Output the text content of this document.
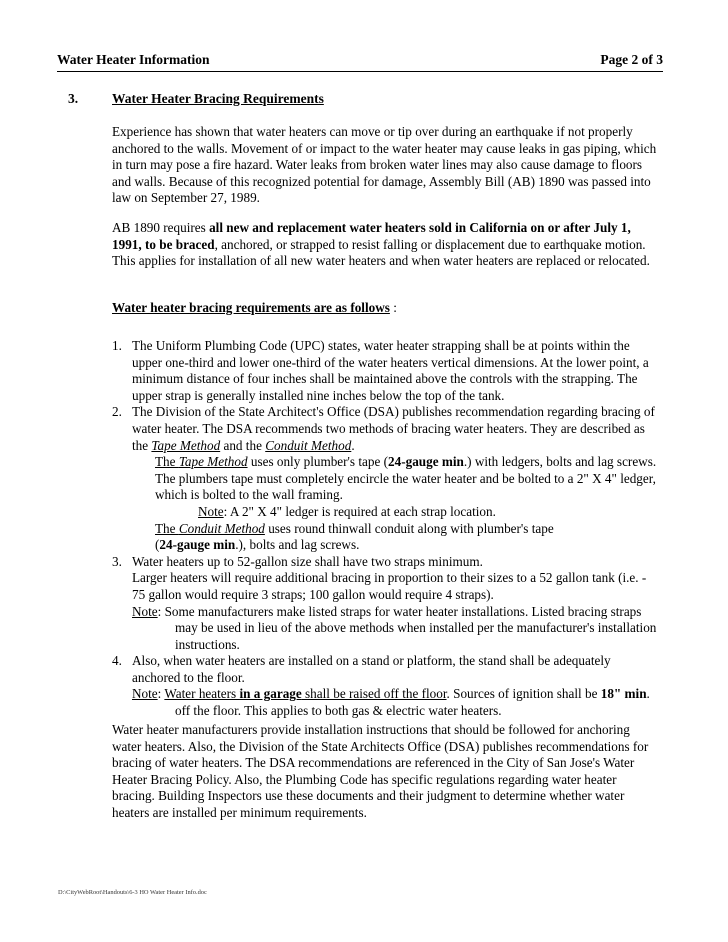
Water Heater Information	Page 2 of 3
3.	Water Heater Bracing Requirements

Experience has shown that water heaters can move or tip over during an earthquake if not properly anchored to the walls. Movement of or impact to the water heater may cause leaks in gas piping, which in turn may pose a fire hazard. Water leaks from broken water lines may also cause damage to floors and walls. Because of this recognized potential for damage, Assembly Bill (AB) 1890 was passed into law on September 27, 1989.

AB 1890 requires all new and replacement water heaters sold in California on or after July 1, 1991, to be braced, anchored, or strapped to resist falling or displacement due to earthquake motion. This applies for installation of all new water heaters and when water heaters are replaced or relocated.

Water heater bracing requirements are as follows :

1. The Uniform Plumbing Code (UPC) states, water heater strapping shall be at points within the upper one-third and lower one-third of the water heaters vertical dimensions. At the lower point, a minimum distance of four inches shall be maintained above the controls with the strapping. The upper strap is generally installed nine inches below the top of the tank.

2. The Division of the State Architect's Office (DSA) publishes recommendation regarding bracing of water heater. The DSA recommends two methods of bracing water heaters. They are described as the Tape Method and the Conduit Method.

The Tape Method uses only plumber's tape (24-gauge min.) with ledgers, bolts and lag screws. The plumbers tape must completely encircle the water heater and be bolted to a 2" X 4" ledger, which is bolted to the wall framing.

Note: A 2" X 4" ledger is required at each strap location.

The Conduit Method uses round thinwall conduit along with plumber's tape
(24-gauge min.), bolts and lag screws.

3. Water heaters up to 52-gallon size shall have two straps minimum.

Larger heaters will require additional bracing in proportion to their sizes to a 52 gallon tank (i.e. - 75 gallon would require 3 straps; 100 gallon would require 4 straps).

Note: Some manufacturers make listed straps for water heater installations. Listed bracing straps may be used in lieu of the above methods when installed per the manufacturer's installation instructions.

4. Also, when water heaters are installed on a stand or platform, the stand shall be adequately anchored to the floor.

Note: Water heaters in a garage shall be raised off the floor. Sources of ignition shall be 18" min. off the floor. This applies to both gas & electric water heaters.

Water heater manufacturers provide installation instructions that should be followed for anchoring water heaters. Also, the Division of the State Architects Office (DSA) publishes recommendations for bracing of water heaters. The DSA recommendations are referenced in the City of San Jose's Water Heater Bracing Policy. Also, the Plumbing Code has specific regulations regarding water heater bracing. Building Inspectors use these documents and their judgment to determine whether water heaters are installed per minimum requirements.

D:\CityWebRoot\Handouts\6-3 HO Water Heater Info.doc
